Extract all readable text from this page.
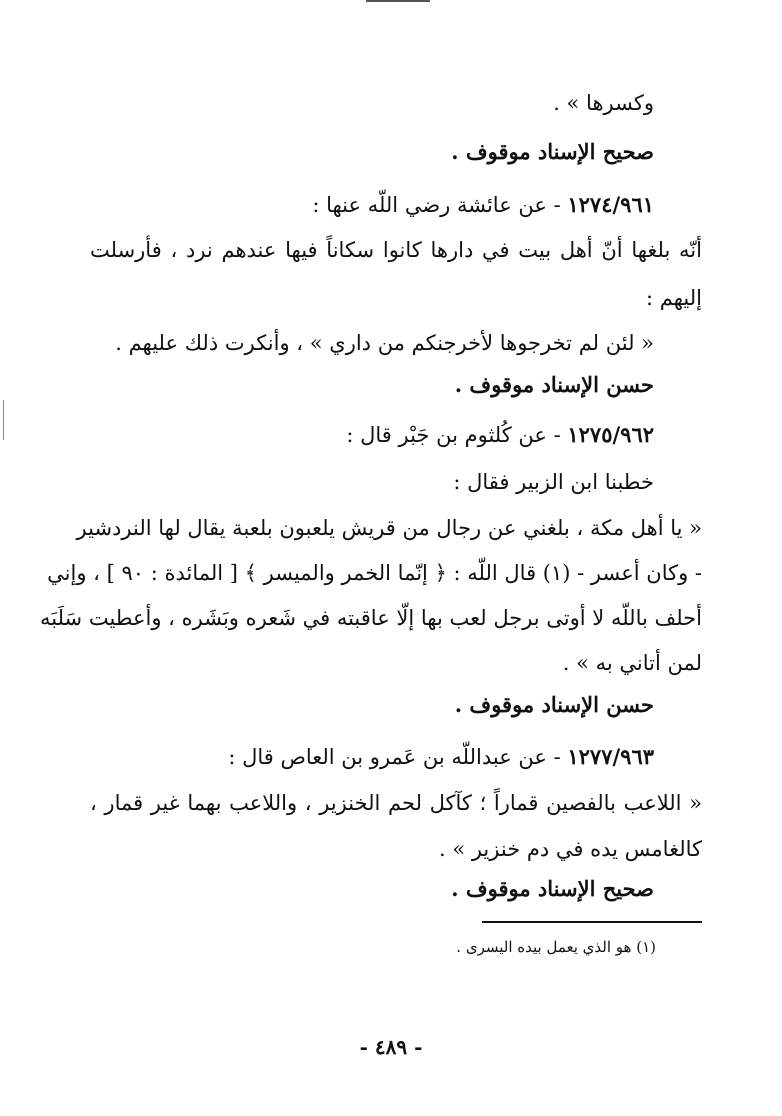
وكسرها » .
صحيح الإسناد موقوف .
١٢٧٤/٩٦١ - عن عائشة رضي اللّه عنها :
أنّه بلغها أنّ أهل بيت في دارها كانوا سكاناً فيها عندهم نرد ، فأرسلت
إليهم :
« لئن لم تخرجوها لأخرجنكم من داري » ، وأنكرت ذلك عليهم .
حسن الإسناد موقوف .
١٢٧٥/٩٦٢ - عن كُلثوم بن جَبْر قال :
خطبنا ابن الزبير فقال :
« يا أهل مكة ، بلغني عن رجال من قريش يلعبون بلعبة يقال لها النردشير
- وكان أعسر - (١) قال اللّه : ﴿ إنّما الخمر والميسر ﴾ [ المائدة : ٩٠ ] ، وإني
أحلف باللّه لا أوتى برجل لعب بها إلّا عاقبته في شَعره وبَشَره ، وأعطيت سَلَبَه
لمن أتاني به » .
حسن الإسناد موقوف .
١٢٧٧/٩٦٣ - عن عبداللّه بن عَمرو بن العاص قال :
« اللاعب بالفصين قماراً ؛ كآكل لحم الخنزير ، واللاعب بهما غير قمار ،
كالغامس يده في دم خنزير » .
صحيح الإسناد موقوف .
(١) هو الذي يعمل بيده اليسرى .
- ٤٨٩ -
